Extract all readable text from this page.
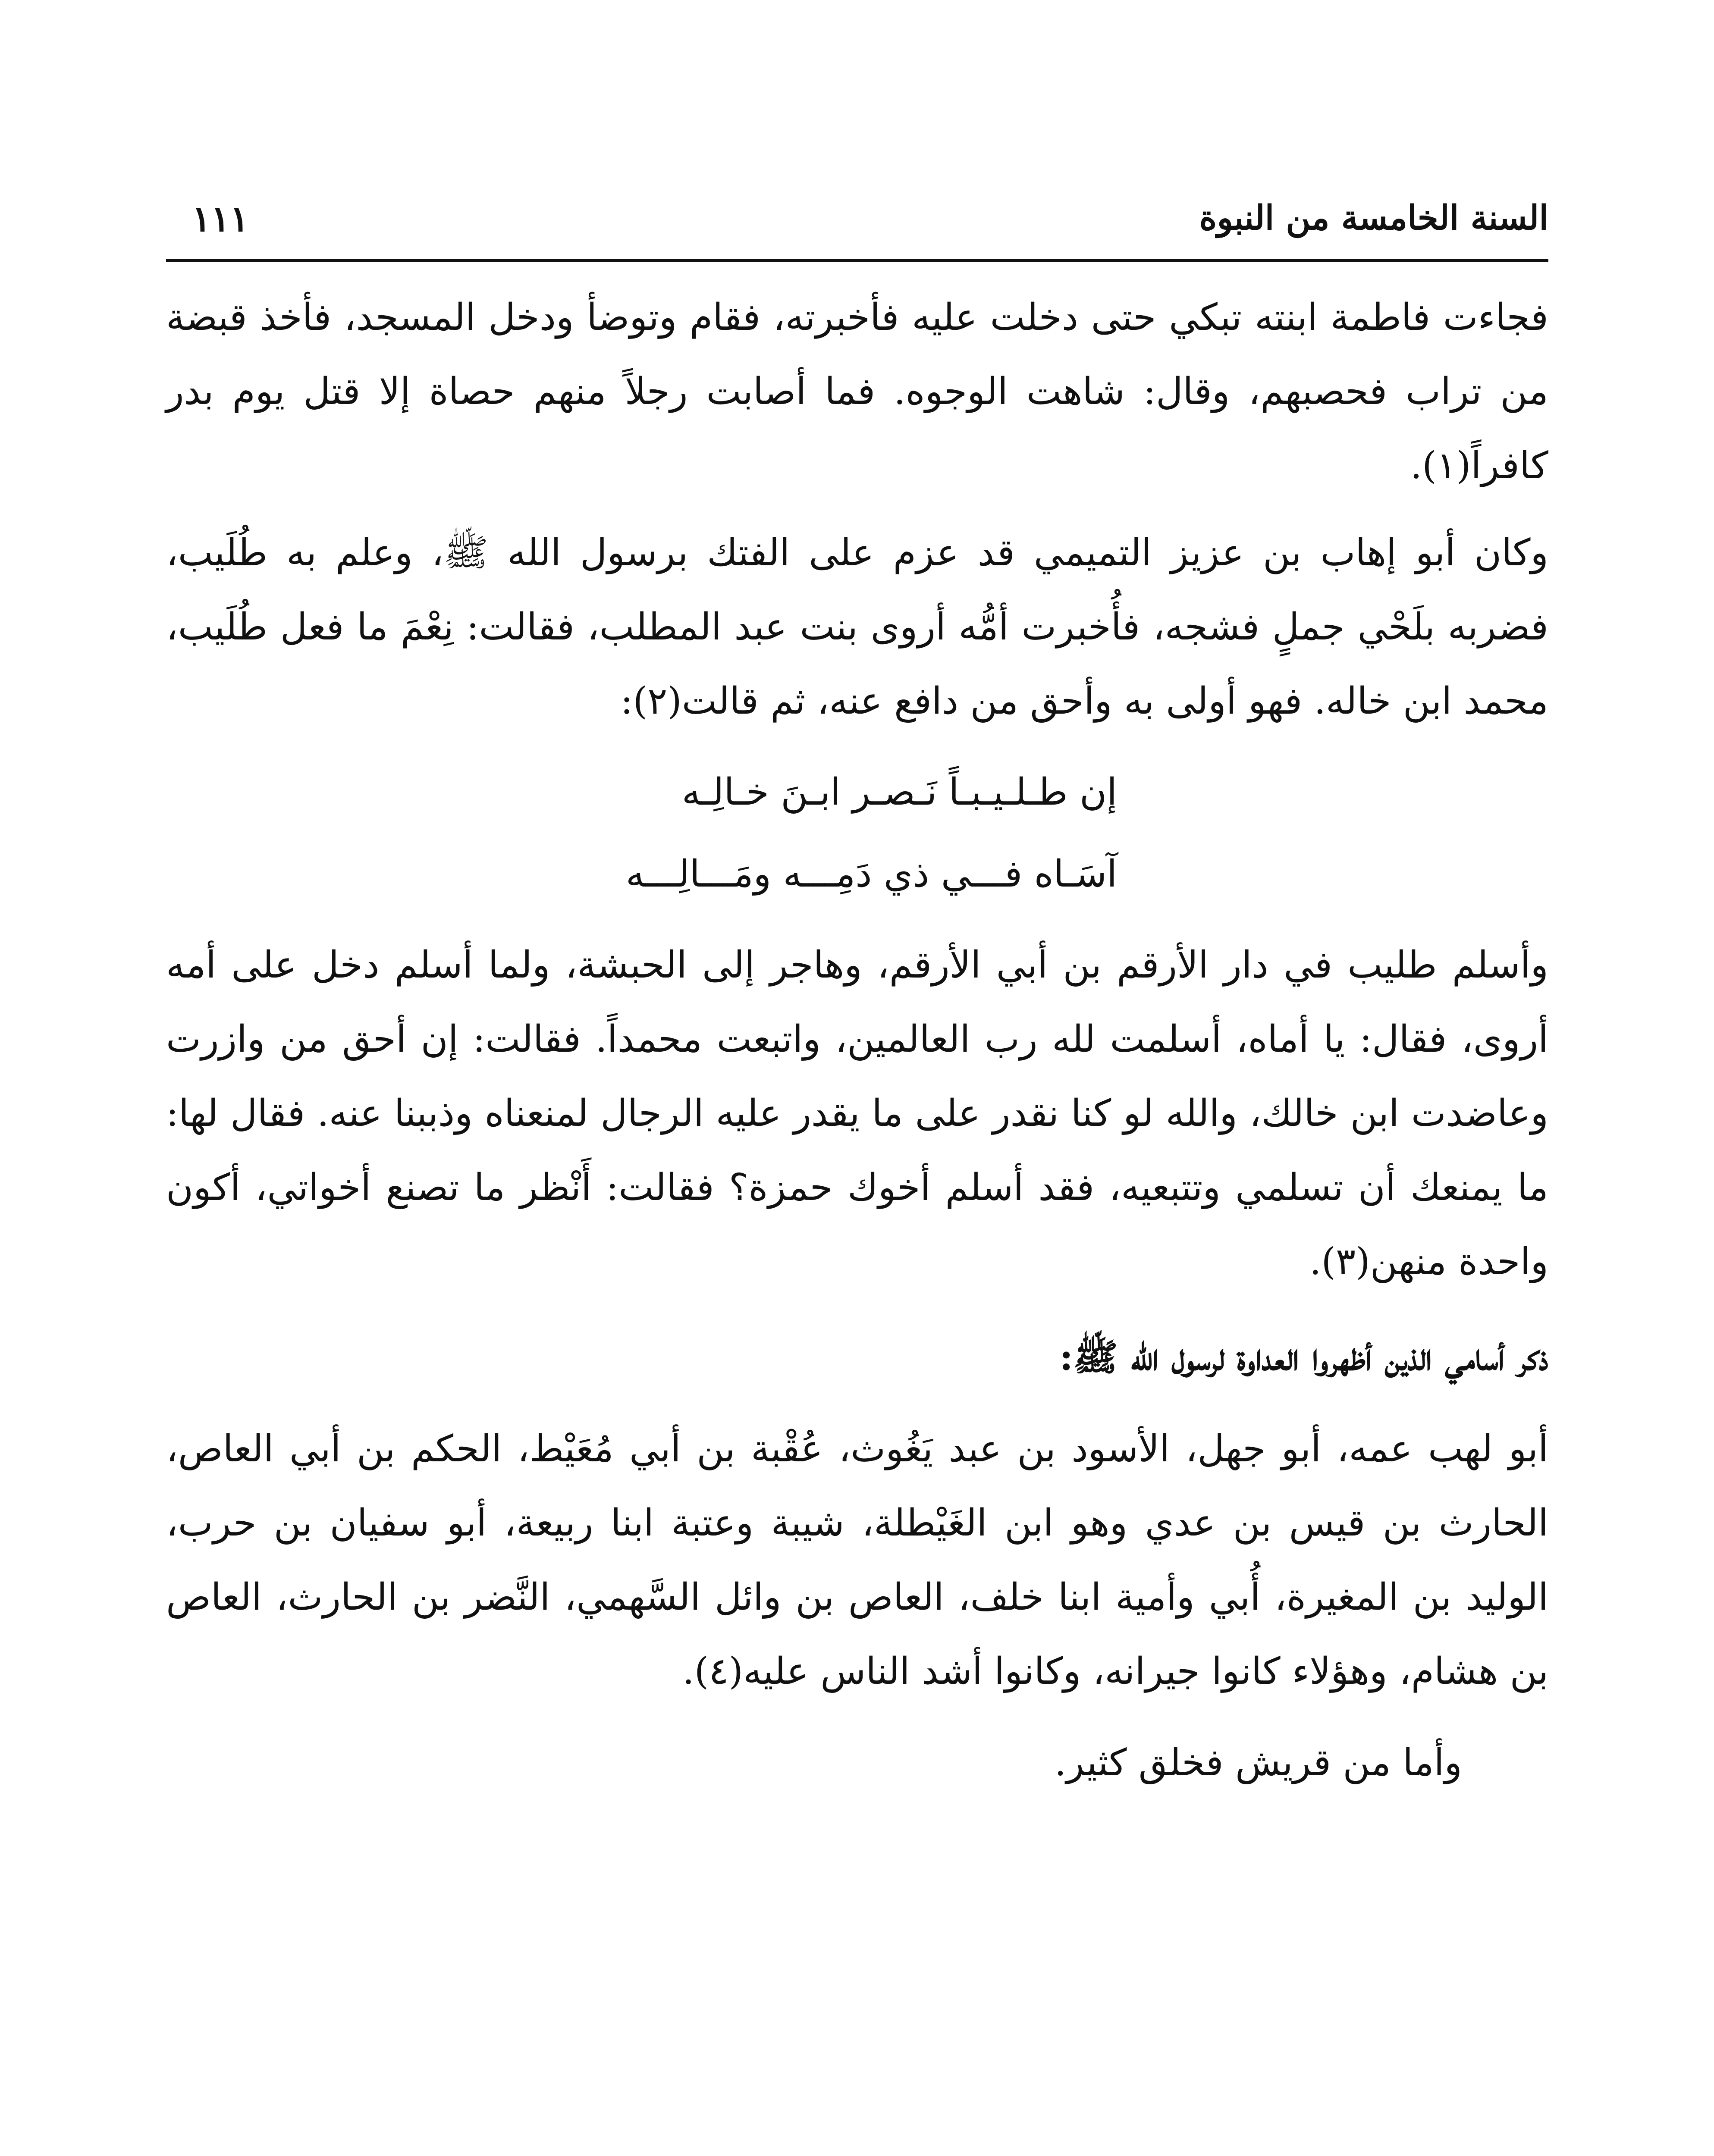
السنة الخامسة من النبوة
١١١

فجاءت فاطمة ابنته تبكي حتى دخلت عليه فأخبرته، فقام وتوضأ ودخل المسجد، فأخذ قبضة من تراب فحصبهم، وقال: شاهت الوجوه. فما أصابت رجلاً منهم حصاة إلا قتل يوم بدر كافراً(١).

وكان أبو إهاب بن عزيز التميمي قد عزم على الفتك برسول الله ﷺ، وعلم به طُلَيب، فضربه بلَحْي جملٍ فشجه، فأُخبرت أمُّه أروى بنت عبد المطلب، فقالت: نِعْمَ ما فعل طُلَيب، محمد ابن خاله. فهو أولى به وأحق من دافع عنه، ثم قالت(٢):

إن طـلـيـبـاً نَـصـر ابـنَ خـالِـه

آسَـاه فـــي ذي دَمِـــه ومَـــالِـــه

وأسلم طليب في دار الأرقم بن أبي الأرقم، وهاجر إلى الحبشة، ولما أسلم دخل على أمه أروى، فقال: يا أماه، أسلمت لله رب العالمين، واتبعت محمداً. فقالت: إن أحق من وازرت وعاضدت ابن خالك، والله لو كنا نقدر على ما يقدر عليه الرجال لمنعناه وذببنا عنه. فقال لها: ما يمنعك أن تسلمي وتتبعيه، فقد أسلم أخوك حمزة؟ فقالت: أَنْظر ما تصنع أخواتي، أكون واحدة منهن(٣).

ذكر أسامي الذين أظهروا العداوة لرسول الله ﷺ:

أبو لهب عمه، أبو جهل، الأسود بن عبد يَغُوث، عُقْبة بن أبي مُعَيْط، الحكم بن أبي العاص، الحارث بن قيس بن عدي وهو ابن الغَيْطلة، شيبة وعتبة ابنا ربيعة، أبو سفيان بن حرب، الوليد بن المغيرة، أُبي وأمية ابنا خلف، العاص بن وائل السَّهمي، النَّضر بن الحارث، العاص بن هشام، وهؤلاء كانوا جيرانه، وكانوا أشد الناس عليه(٤).

وأما من قريش فخلق كثير.
